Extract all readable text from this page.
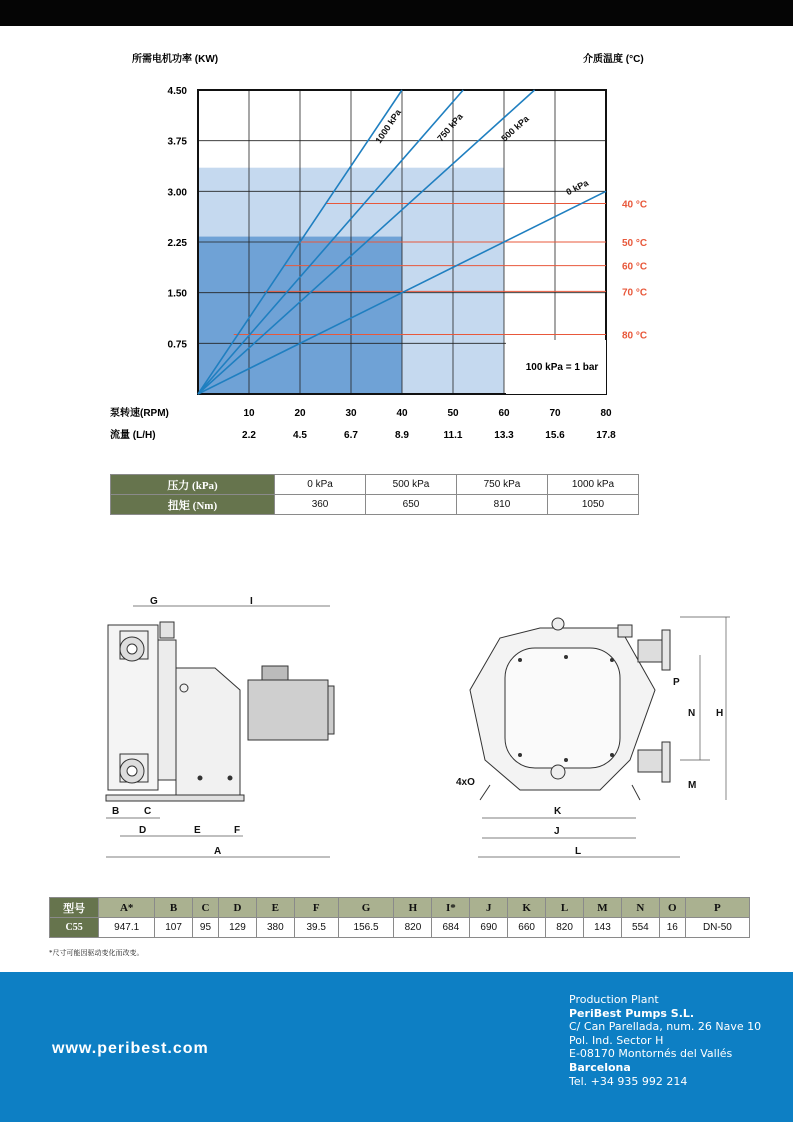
40 °C
50 °C
60 °C
70 °C
80 °C
1000 kPa	750 kPa	500 kPa
0 kPa
所需电机功率 (KW)	介质温度 (°C)
4.50
3.75
3.00
2.25
1.50
0.75
泵转速(RPM)	10	20	30	40	50	60	70	80
流量 (L/H)	2.2	4.5	6.7	8.9	11.1	13.3	15.6	17.8
100 kPa = 1 bar
压力 (kPa)	0 kPa	500 kPa	750 kPa	1000 kPa
扭矩 (Nm)	360	650	810	1050
G	I
B C
D	E	F
A
P
N H
M
4xO
K
J
L
型号	A*	B	C	D	E	F	G	H	I*	J	K	L	M	N	O	P
C55	947.1	107	95	129	380	39.5	156.5	820	684	690	660	820	143	554	16	DN-50
*尺寸可能因驱动变化而改变。
www.peribest.com
Production Plant
PeriBest Pumps S.L.
C/ Can Parellada, num. 26 Nave 10
Pol. Ind. Sector H
E-08170 Montornés del Vallés
Barcelona
Tel. +34 935 992 214
